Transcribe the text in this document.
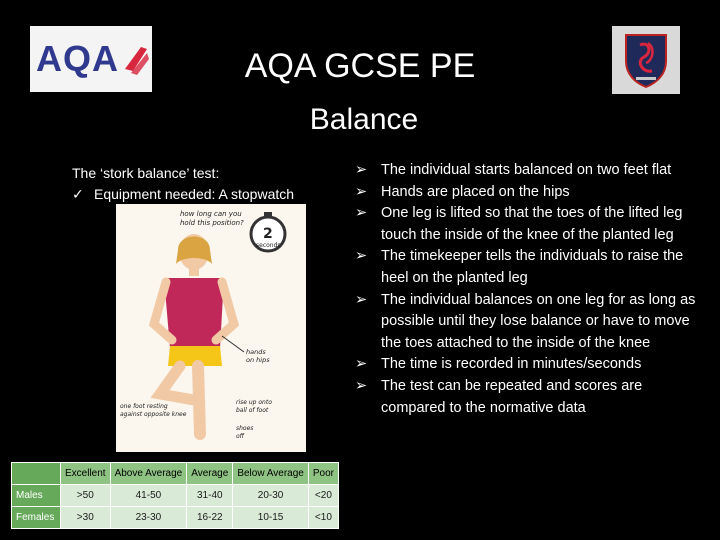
AQA	AQA GCSE PE
Balance
The ‘stork balance’ test:
✓ Equipment needed: A stopwatch
how long can you
hold this position?
2
seconds
hands
on hips
one foot resting
against opposite knee
rise up onto
ball of foot
shoes
off
➢ The individual starts balanced on two feet flat
➢ Hands are placed on the hips
➢ One leg is lifted so that the toes of the lifted leg touch the inside of the knee of the planted leg
➢ The timekeeper tells the individuals to raise the heel on the planted leg
➢ The individual balances on one leg for as long as possible until they lose balance or have to move the toes attached to the inside of the knee
➢ The time is recorded in minutes/seconds
➢ The test can be repeated and scores are compared to the normative data
	Excellent	Above Average	Average	Below Average	Poor
Males	>50	41-50	31-40	20-30	<20
Females	>30	23-30	16-22	10-15	<10
